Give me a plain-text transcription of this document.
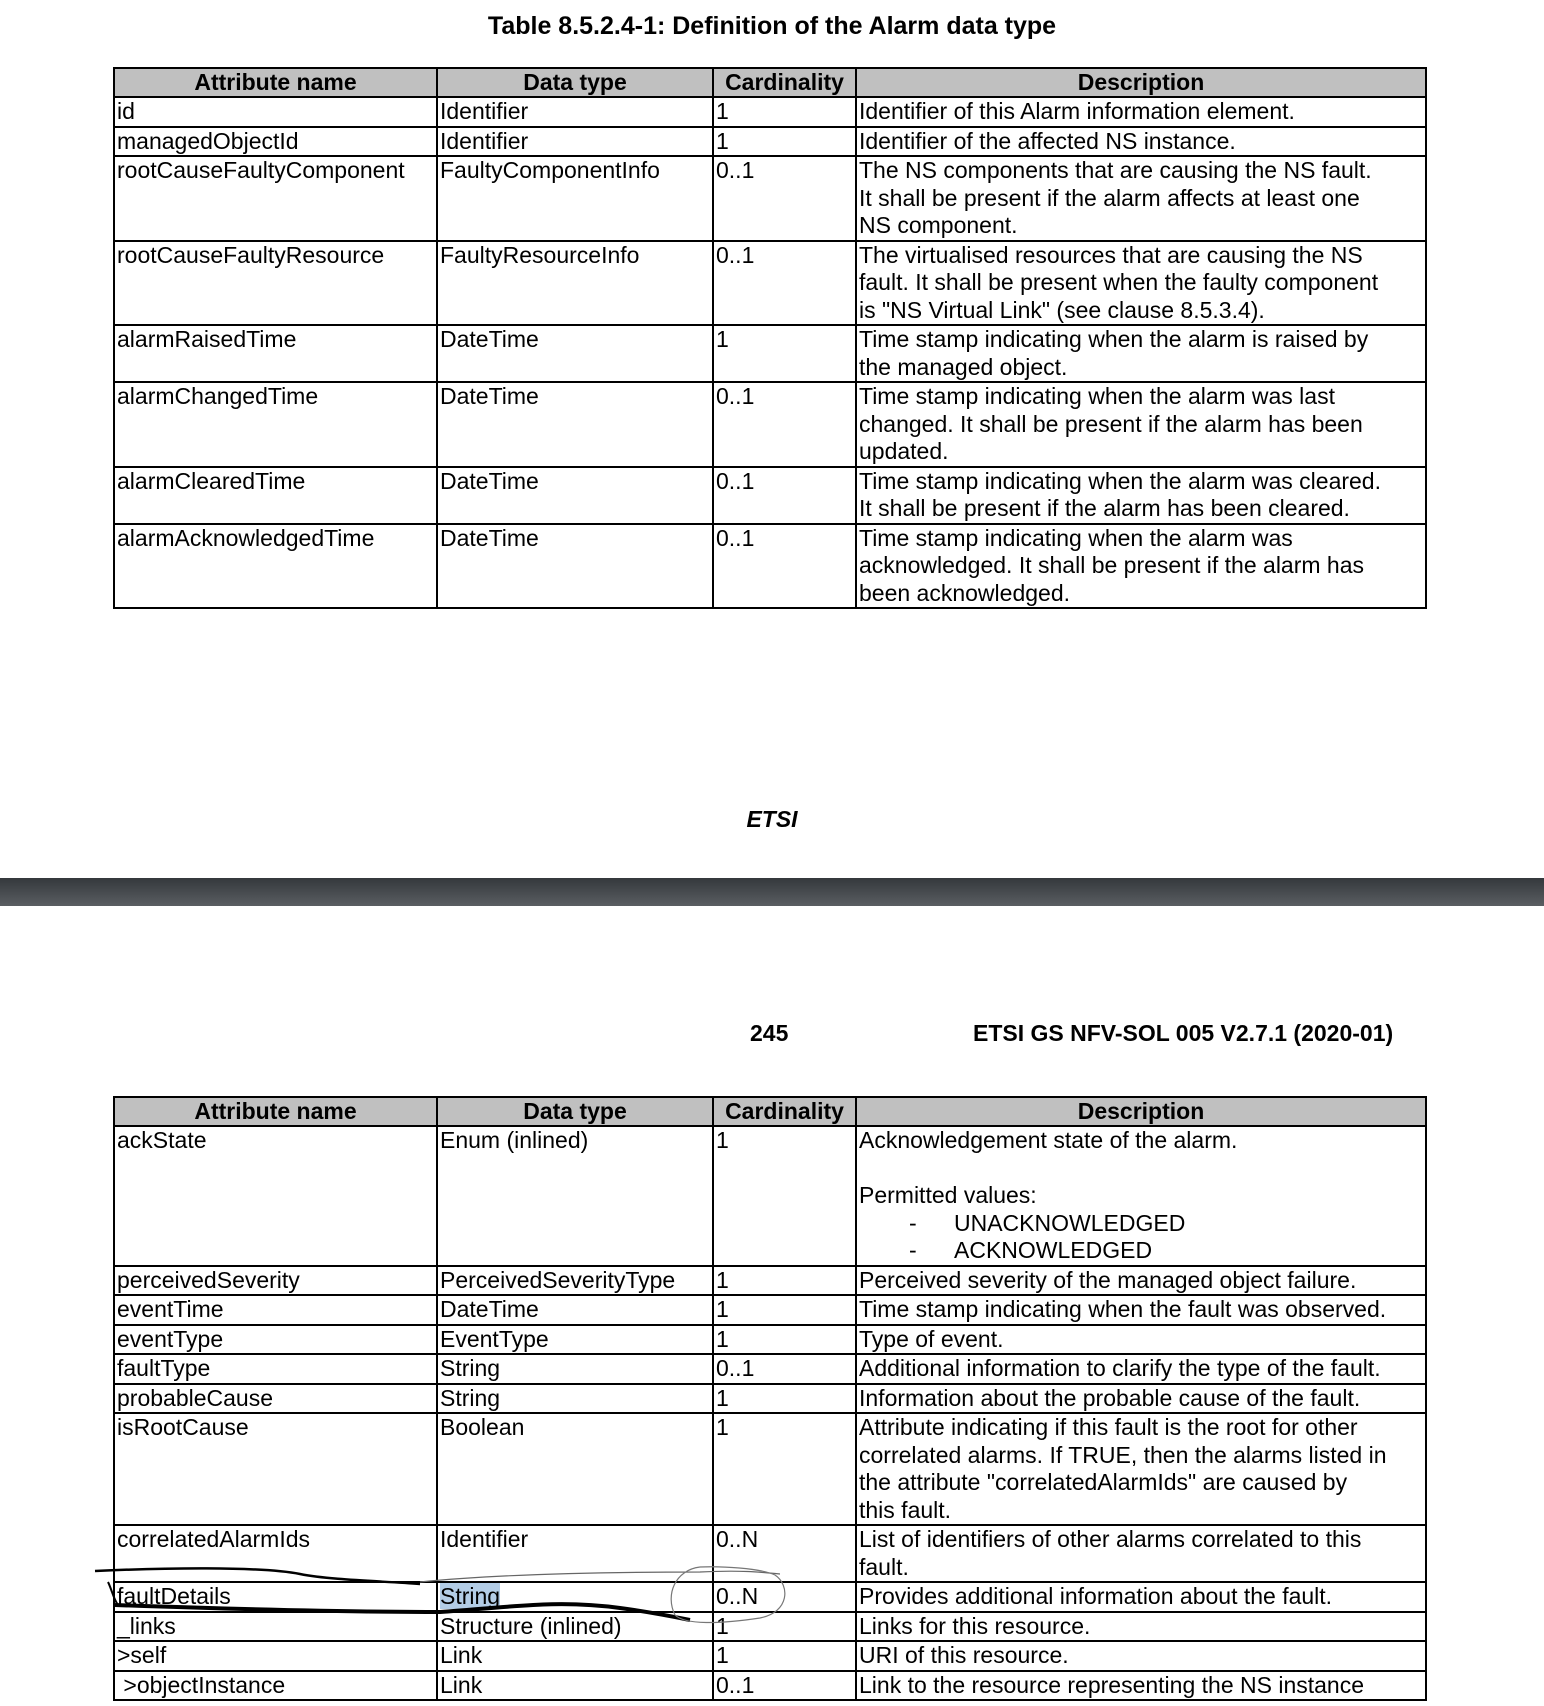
Table 8.5.2.4-1: Definition of the Alarm data type
Attribute name	Data type	Cardinality	Description
id	Identifier	1	Identifier of this Alarm information element.

managedObjectId	Identifier	1	Identifier of the affected NS instance.

rootCauseFaultyComponent	FaultyComponentInfo	0..1	The NS components that are causing the NS fault.
It shall be present if the alarm affects at least one
NS component.

rootCauseFaultyResource	FaultyResourceInfo	0..1	The virtualised resources that are causing the NS
fault. It shall be present when the faulty component
is "NS Virtual Link" (see clause 8.5.3.4).

alarmRaisedTime	DateTime	1	Time stamp indicating when the alarm is raised by
the managed object.

alarmChangedTime	DateTime	0..1	Time stamp indicating when the alarm was last
changed. It shall be present if the alarm has been
updated.

alarmClearedTime	DateTime	0..1	Time stamp indicating when the alarm was cleared.
It shall be present if the alarm has been cleared.

alarmAcknowledgedTime	DateTime	0..1	Time stamp indicating when the alarm was
acknowledged. It shall be present if the alarm has
been acknowledged.
ETSI
245	ETSI GS NFV-SOL 005 V2.7.1 (2020-01)
Attribute name	Data type	Cardinality	Description
ackState	Enum (inlined)	1	Acknowledgement state of the alarm.
Permitted values:
- UNACKNOWLEDGED
- ACKNOWLEDGED

perceivedSeverity	PerceivedSeverityType	1	Perceived severity of the managed object failure.

eventTime	DateTime	1	Time stamp indicating when the fault was observed.

eventType	EventType	1	Type of event.

faultType	String	0..1	Additional information to clarify the type of the fault.

probableCause	String	1	Information about the probable cause of the fault.

isRootCause	Boolean	1	Attribute indicating if this fault is the root for other
correlated alarms. If TRUE, then the alarms listed in
the attribute "correlatedAlarmIds" are caused by
this fault.

correlatedAlarmIds	Identifier	0..N	List of identifiers of other alarms correlated to this
fault.

faultDetails	String	0..N	Provides additional information about the fault.

_links	Structure (inlined)	1	Links for this resource.

>self	Link	1	URI of this resource.

>objectInstance	Link	0..1	Link to the resource representing the NS instance
